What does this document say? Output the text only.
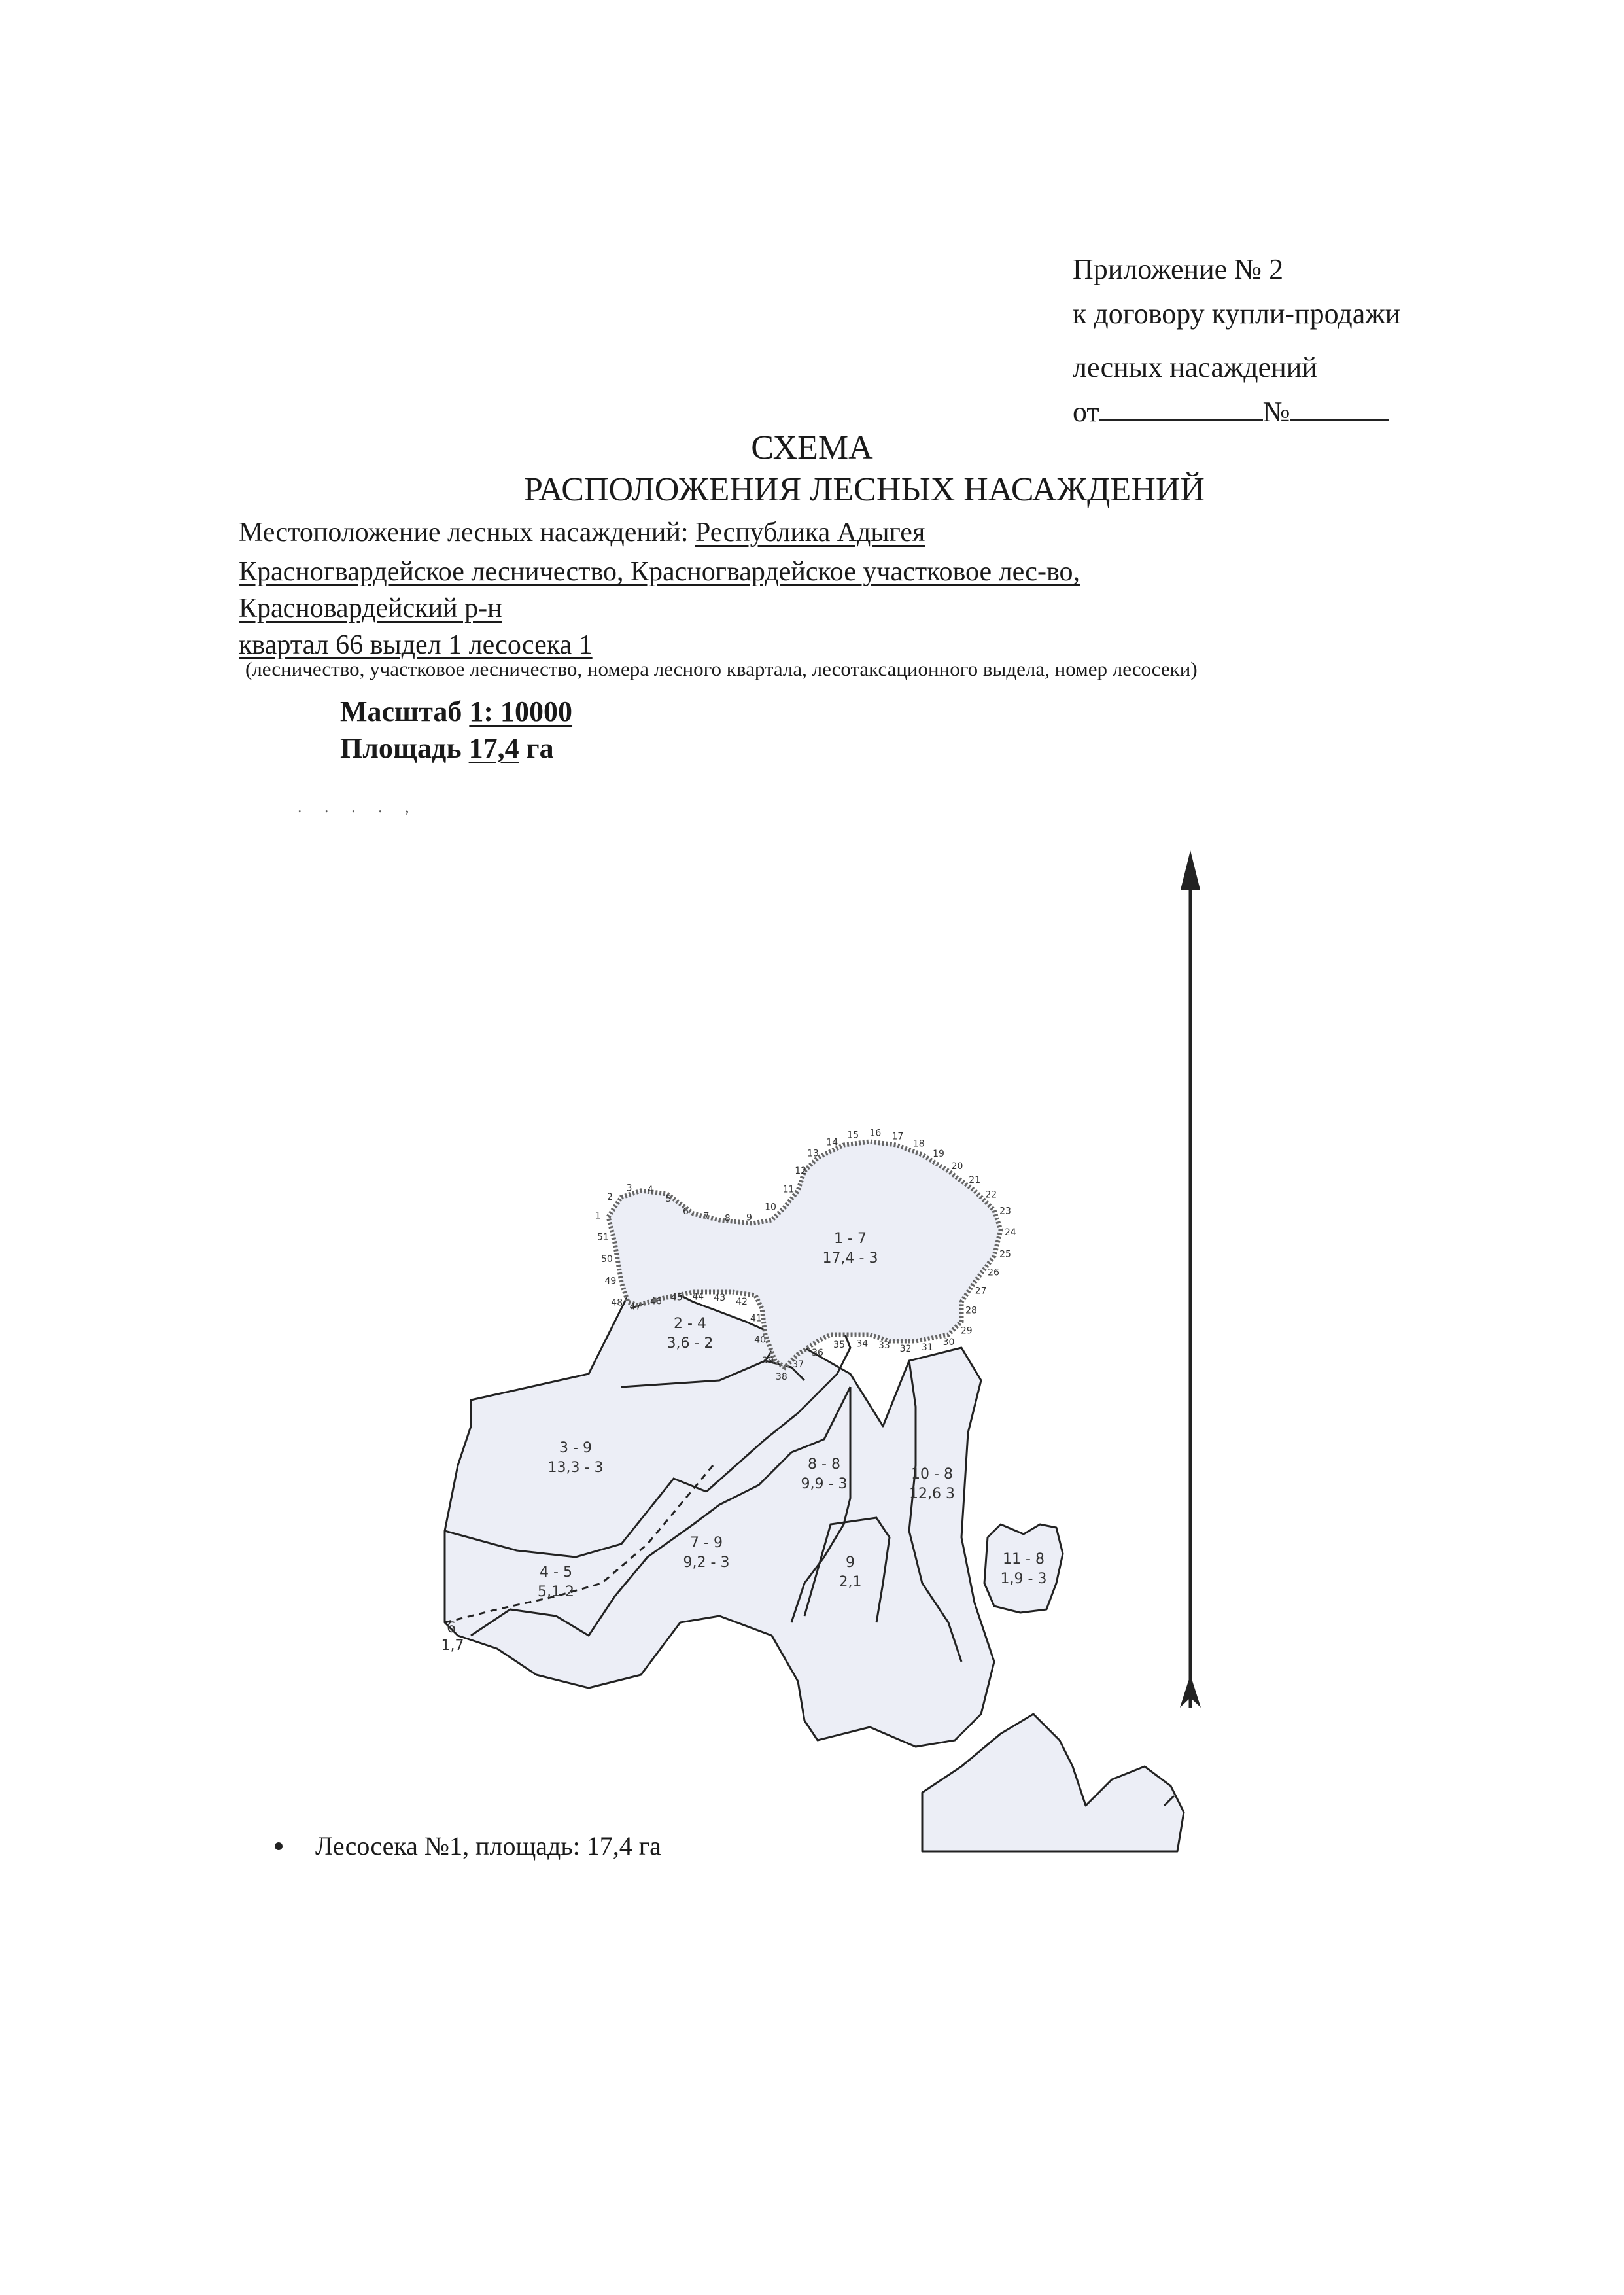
Приложение № 2
к договору купли-продажи
лесных насаждений
от	№
СХЕМА
РАСПОЛОЖЕНИЯ ЛЕСНЫХ НАСАЖДЕНИЙ
Местоположение лесных насаждений: Республика Адыгея
Красногвардейское лесничество, Красногвардейское участковое лес-во,
Красновардейский р-н
квартал 66 выдел 1 лесосека 1
(лесничество, участковое лесничество, номера лесного квартала, лесотаксационного выдела, номер лесосеки)
Масштаб 1: 10000
Площадь 17,4 га
. . . . ,
1 - 7
17,4 - 3
2 - 4
3,6 - 2
3 - 9
13,3 - 3
4 - 5
5,1 2
6
1,7
7 - 9
9,2 - 3
8 - 8
9,9 - 3
9
2,1
10 - 8
12,6 3
11 - 8
1,9 - 3
1
2
3 4
5
6 7 8 9
10
11
12
13
14
15 16 17
18
19
20
21
22
23
24
25
26
27
28
29
30
31
32
33
34
35
36
37
38
39
40
41
42
43
44
45
46
47
48
49
50
51
Лесосека №1, площадь: 17,4 га
